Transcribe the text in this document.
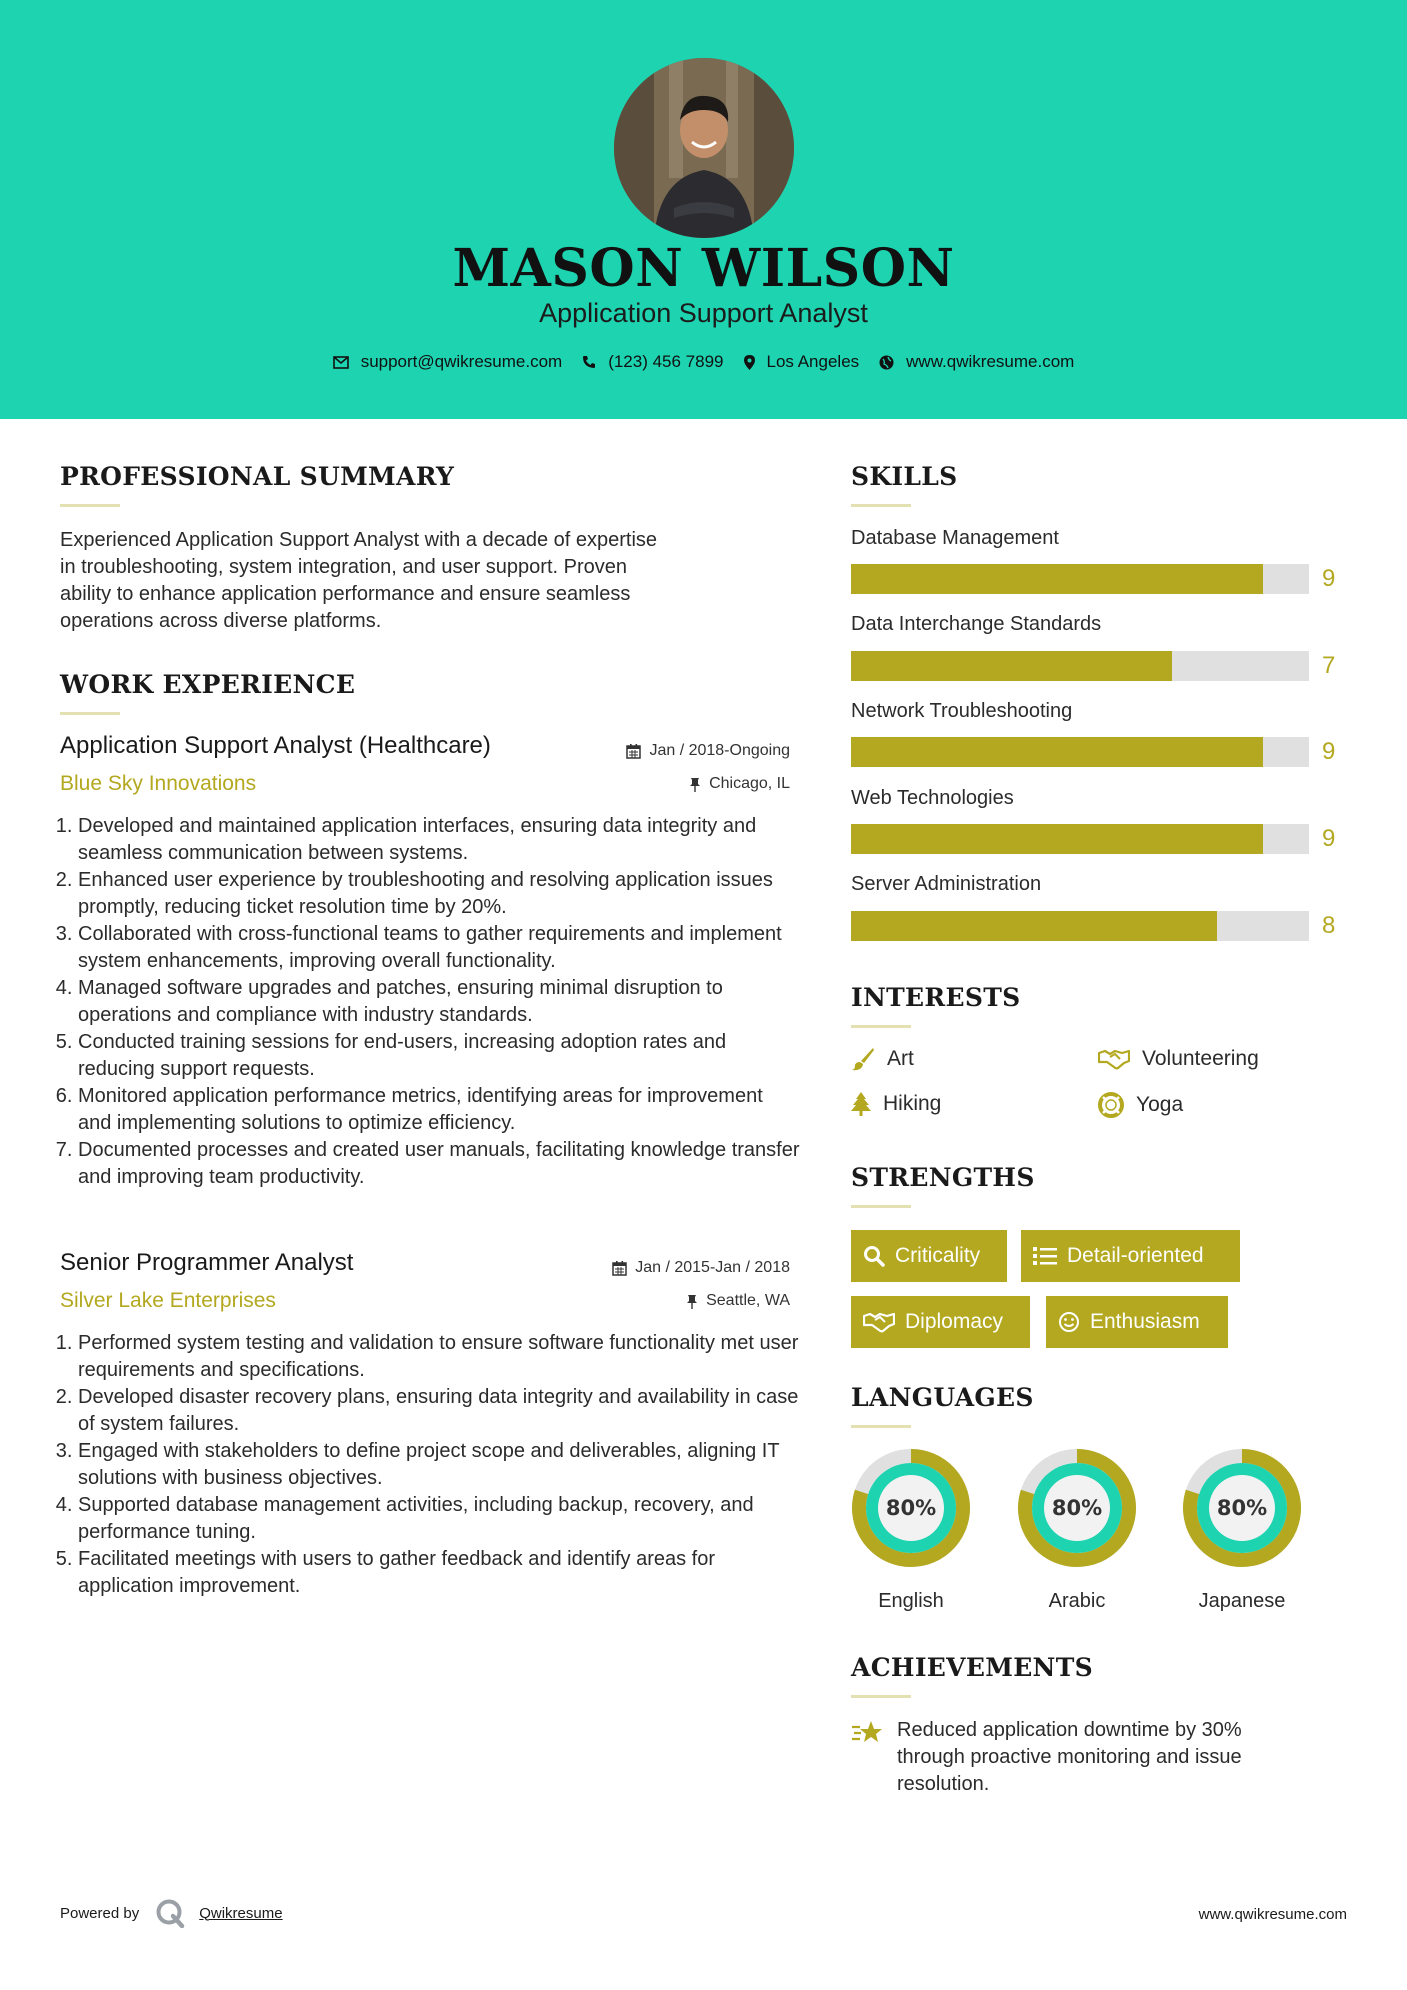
MASON WILSON
Application Support Analyst
support@qwikresume.com	(123) 456 7899	Los Angeles	www.qwikresume.com
PROFESSIONAL SUMMARY
Experienced Application Support Analyst with a decade of expertise
in troubleshooting, system integration, and user support. Proven
ability to enhance application performance and ensure seamless
operations across diverse platforms.
WORK EXPERIENCE
Application Support Analyst (Healthcare)	Jan / 2018-Ongoing
Blue Sky Innovations	Chicago, IL
1. Developed and maintained application interfaces, ensuring data integrity and seamless communication between systems.
2. Enhanced user experience by troubleshooting and resolving application issues promptly, reducing ticket resolution time by 20%.
3. Collaborated with cross-functional teams to gather requirements and implement system enhancements, improving overall functionality.
4. Managed software upgrades and patches, ensuring minimal disruption to operations and compliance with industry standards.
5. Conducted training sessions for end-users, increasing adoption rates and reducing support requests.
6. Monitored application performance metrics, identifying areas for improvement and implementing solutions to optimize efficiency.
7. Documented processes and created user manuals, facilitating knowledge transfer and improving team productivity.
Senior Programmer Analyst	Jan / 2015-Jan / 2018
Silver Lake Enterprises	Seattle, WA
1. Performed system testing and validation to ensure software functionality met user requirements and specifications.
2. Developed disaster recovery plans, ensuring data integrity and availability in case of system failures.
3. Engaged with stakeholders to define project scope and deliverables, aligning IT solutions with business objectives.
4. Supported database management activities, including backup, recovery, and performance tuning.
5. Facilitated meetings with users to gather feedback and identify areas for application improvement.
SKILLS
Database Management
9
Data Interchange Standards
7
Network Troubleshooting
9
Web Technologies
9
Server Administration
8
INTERESTS
Art	Volunteering
Hiking	Yoga
STRENGTHS
Criticality	Detail-oriented
Diplomacy	Enthusiasm
LANGUAGES
80%
English
80%
Arabic
80%
Japanese
ACHIEVEMENTS
Reduced application downtime by 30%
through proactive monitoring and issue
resolution.
Powered by	Qwikresume	www.qwikresume.com
